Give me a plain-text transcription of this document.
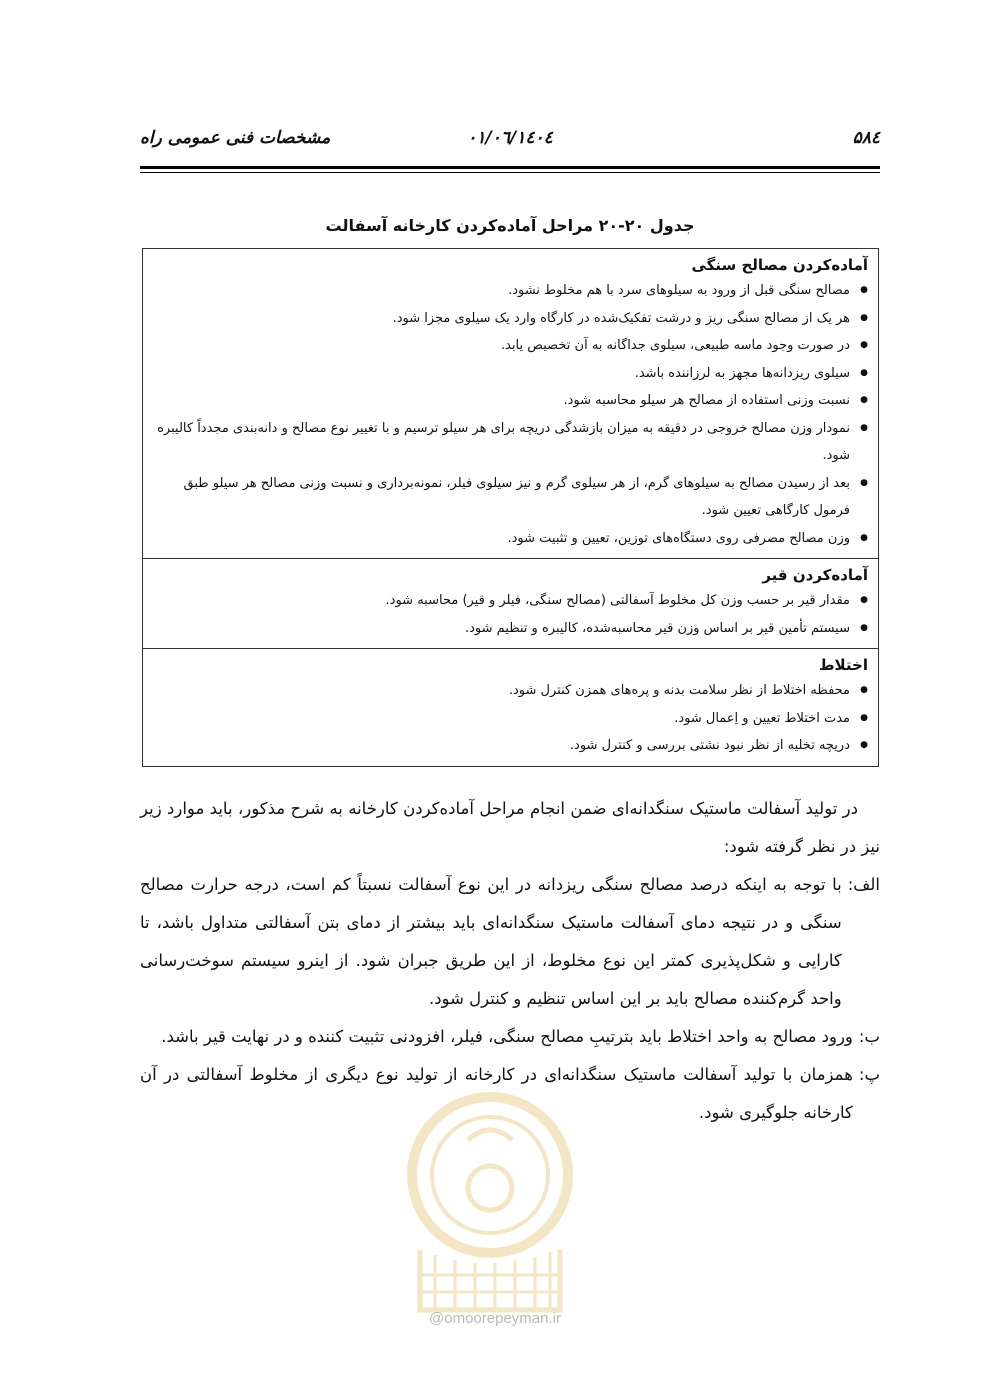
۵۸٤
۱٤۰٤/۰٦/۰۱
مشخصات فنی عمومی راه
جدول ۲۰-۲۰ مراحل آماده‌کردن کارخانه آسفالت
آماده‌کردن مصالح سنگی
● مصالح سنگی قبل از ورود به سیلوهای سرد با هم مخلوط نشود.
● هر یک از مصالح سنگی ریز و درشت تفکیک‌شده در کارگاه وارد یک سیلوی مجزا شود.
● در صورت وجود ماسه طبیعی، سیلوی جداگانه به آن تخصیص یابد.
● سیلوی ریزدانه‌ها مجهز به لرزاننده باشد.
● نسبت وزنی استفاده از مصالح هر سیلو محاسبه شود.
● نمودار وزن مصالح خروجی در دقیقه به میزان بازشدگی دریچه برای هر سیلو ترسیم و با تغییر نوع مصالح و دانه‌بندی مجدداً کالیبره شود.
● بعد از رسیدن مصالح به سیلوهای گرم، از هر سیلوی گرم و نیز سیلوی فیلر، نمونه‌برداری و نسبت وزنی مصالح هر سیلو طبق فرمول کارگاهی تعیین شود.
● وزن مصالح مصرفی روی دستگاه‌های توزین، تعیین و تثبیت شود.

آماده‌کردن قیر
● مقدار قیر بر حسب وزن کل مخلوط آسفالتی (مصالح سنگی، فیلر و قیر) محاسبه شود.
● سیستم تأمین قیر بر اساس وزن قیر محاسبه‌شده، کالیبره و تنظیم شود.

اختلاط
● محفظه اختلاط از نظر سلامت بدنه و پره‌های همزن کنترل شود.
● مدت اختلاط تعیین و اِعمال شود.
● دریچه تخلیه از نظر نبود نشتی بررسی و کنترل شود.

در تولید آسفالت ماستیک سنگدانه‌ای ضمن انجام مراحل آماده‌کردن کارخانه به شرح مذکور، باید موارد زیر نیز در نظر گرفته شود:

الف:
با توجه به اینکه درصد مصالح سنگی ریزدانه در این نوع آسفالت نسبتاً کم است، درجه حرارت مصالح سنگی و در نتیجه دمای آسفالت ماستیک سنگدانه‌ای باید بیشتر از دمای بتن آسفالتی متداول باشد، تا کارایی و شکل‌پذیری کمتر این نوع مخلوط، از این طریق جبران شود. از اینرو سیستم سوخت‌رسانی واحد گرم‌کننده مصالح باید بر این اساس تنظیم و کنترل شود.
ب:
ورود مصالح به واحد اختلاط باید بترتیبِ مصالح سنگی، فیلر، افزودنی تثبیت کننده و در نهایت قیر باشد.
پ:
همزمان با تولید آسفالت ماستیک سنگدانه‌ای در کارخانه از تولید نوع دیگری از مخلوط آسفالتی در آن کارخانه جلوگیری شود.
@omoorepeyman.ir
